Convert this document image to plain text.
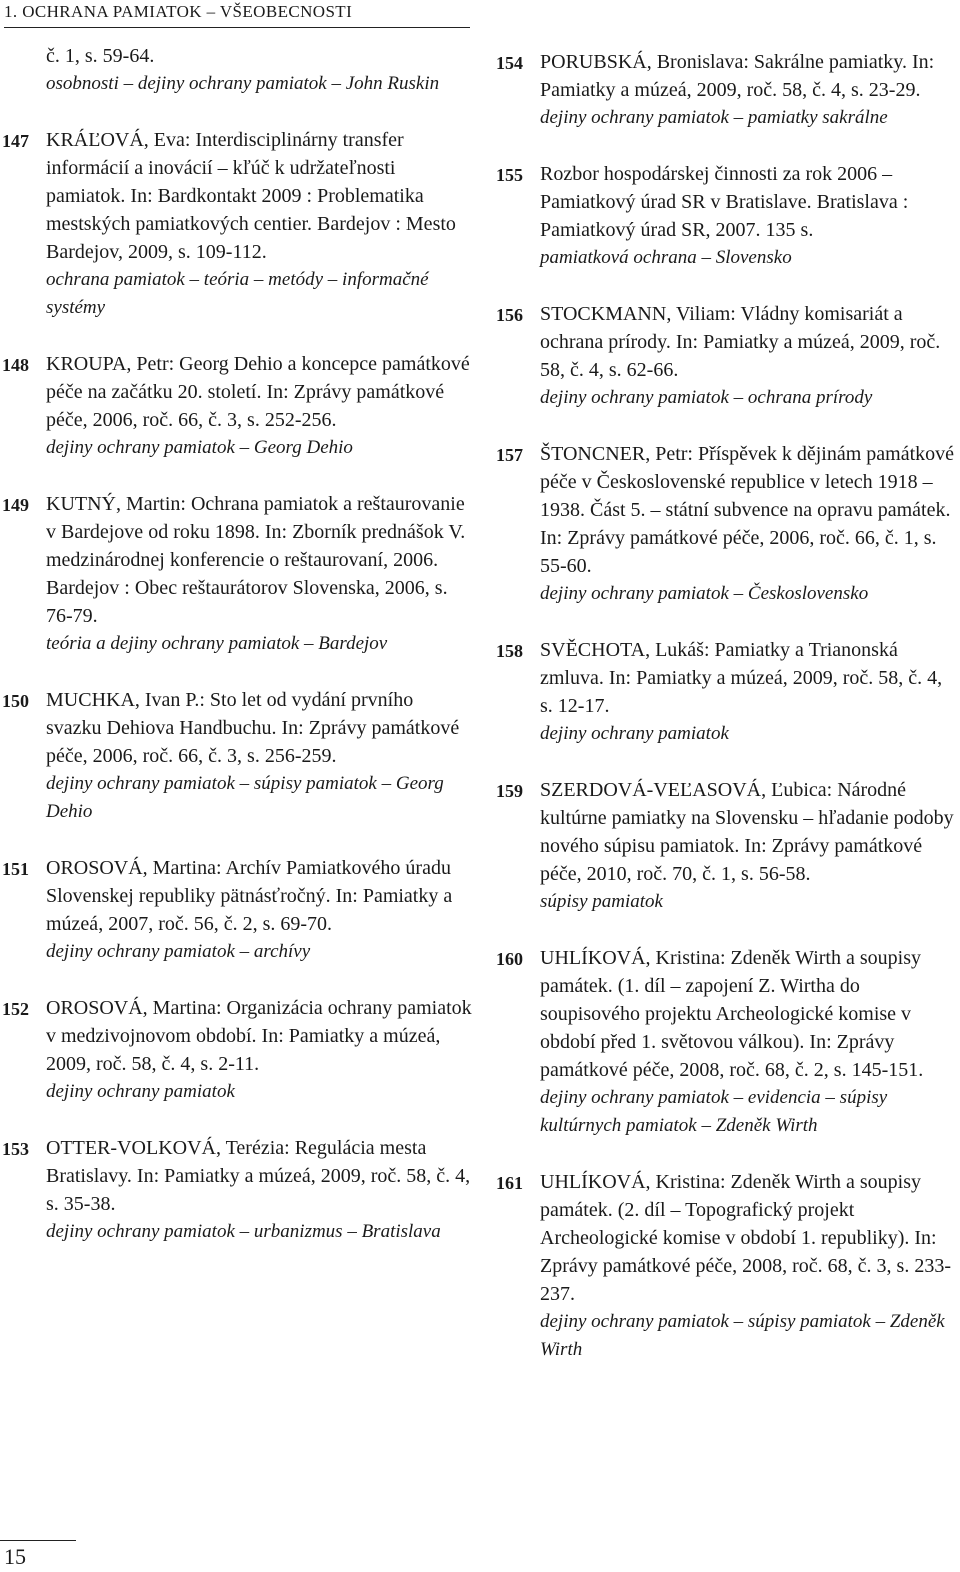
1. OCHRANA PAMIATOK – VŠEOBECNOSTI
č. 1, s. 59-64.
osobnosti – dejiny ochrany pamiatok – John Ruskin
147 KRÁĽOVÁ, Eva: Interdisciplinárny transfer informácií a inovácií – kľúč k udržateľnosti pamiatok. In: Bardkontakt 2009 : Problematika mestských pamiatkových centier. Bardejov : Mesto Bardejov, 2009, s. 109-112.
ochrana pamiatok – teória – metódy – informačné systémy
148 KROUPA, Petr: Georg Dehio a koncepce památkové péče na začátku 20. století. In: Zprávy památkové péče, 2006, roč. 66, č. 3, s. 252-256.
dejiny ochrany pamiatok – Georg Dehio
149 KUTNÝ, Martin: Ochrana pamiatok a reštaurovanie v Bardejove od roku 1898. In: Zborník prednášok V. medzinárodnej konferencie o reštaurovaní, 2006. Bardejov : Obec reštaurátorov Slovenska, 2006, s. 76-79.
teória a dejiny ochrany pamiatok – Bardejov
150 MUCHKA, Ivan P.: Sto let od vydání prvního svazku Dehiova Handbuchu. In: Zprávy památkové péče, 2006, roč. 66, č. 3, s. 256-259.
dejiny ochrany pamiatok – súpisy pamiatok – Georg Dehio
151 OROSOVÁ, Martina: Archív Pamiatkového úradu Slovenskej republiky pätnásťročný. In: Pamiatky a múzeá, 2007, roč. 56, č. 2, s. 69-70.
dejiny ochrany pamiatok – archívy
152 OROSOVÁ, Martina: Organizácia ochrany pamiatok v medzivojnovom období. In: Pamiatky a múzeá, 2009, roč. 58, č. 4, s. 2-11.
dejiny ochrany pamiatok
153 OTTER-VOLKOVÁ, Terézia: Regulácia mesta Bratislavy. In: Pamiatky a múzeá, 2009, roč. 58, č. 4, s. 35-38.
dejiny ochrany pamiatok – urbanizmus – Bratislava
154 PORUBSKÁ, Bronislava: Sakrálne pamiatky. In: Pamiatky a múzeá, 2009, roč. 58, č. 4, s. 23-29.
dejiny ochrany pamiatok – pamiatky sakrálne
155 Rozbor hospodárskej činnosti za rok 2006 – Pamiatkový úrad SR v Bratislave. Bratislava : Pamiatkový úrad SR, 2007. 135 s.
pamiatková ochrana – Slovensko
156 STOCKMANN, Viliam: Vládny komisariát a ochrana prírody. In: Pamiatky a múzeá, 2009, roč. 58, č. 4, s. 62-66.
dejiny ochrany pamiatok – ochrana prírody
157 ŠTONCNER, Petr: Příspěvek k dějinám památkové péče v Československé republice v letech 1918 – 1938. Část 5. – státní subvence na opravu památek. In: Zprávy památkové péče, 2006, roč. 66, č. 1, s. 55-60.
dejiny ochrany pamiatok – Československo
158 SVĚCHOTA, Lukáš: Pamiatky a Trianonská zmluva. In: Pamiatky a múzeá, 2009, roč. 58, č. 4, s. 12-17.
dejiny ochrany pamiatok
159 SZERDOVÁ-VEĽASOVÁ, Ľubica: Národné kultúrne pamiatky na Slovensku – hľadanie podoby nového súpisu pamiatok. In: Zprávy památkové péče, 2010, roč. 70, č. 1, s. 56-58.
súpisy pamiatok
160 UHLÍKOVÁ, Kristina: Zdeněk Wirth a soupisy památek. (1. díl – zapojení Z. Wirtha do soupisového projektu Archeologické komise v období před 1. světovou válkou). In: Zprávy památkové péče, 2008, roč. 68, č. 2, s. 145-151.
dejiny ochrany pamiatok – evidencia – súpisy kultúrnych pamiatok – Zdeněk Wirth
161 UHLÍKOVÁ, Kristina: Zdeněk Wirth a soupisy památek. (2. díl – Topografický projekt Archeologické komise v období 1. republiky). In: Zprávy památkové péče, 2008, roč. 68, č. 3, s. 233-237.
dejiny ochrany pamiatok – súpisy pamiatok – Zdeněk Wirth
15
